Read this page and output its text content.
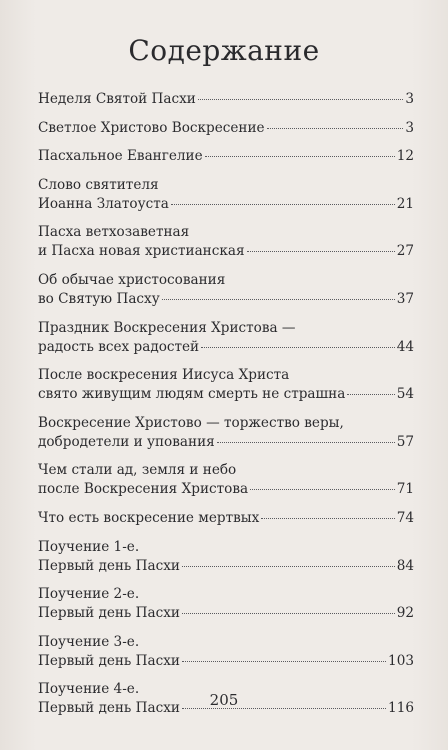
Содержание
Неделя Святой Пасхи	3
Светлое Христово Воскресение	3
Пасхальное Евангелие	12
Слово святителя
Иоанна Златоуста	21
Пасха ветхозаветная
и Пасха новая христианская	27
Об обычае христосования
во Святую Пасху	37
Праздник Воскресения Христова —
радость всех радостей	44
После воскресения Иисуса Христа
свято живущим людям смерть не страшна	54
Воскресение Христово — торжество веры,
добродетели и упования	57
Чем стали ад, земля и небо
после Воскресения Христова	71
Что есть воскресение мертвых	74
Поучение 1-е.
Первый день Пасхи	84
Поучение 2-е.
Первый день Пасхи	92
Поучение 3-е.
Первый день Пасхи	103
Поучение 4-е.
Первый день Пасхи	116
205
